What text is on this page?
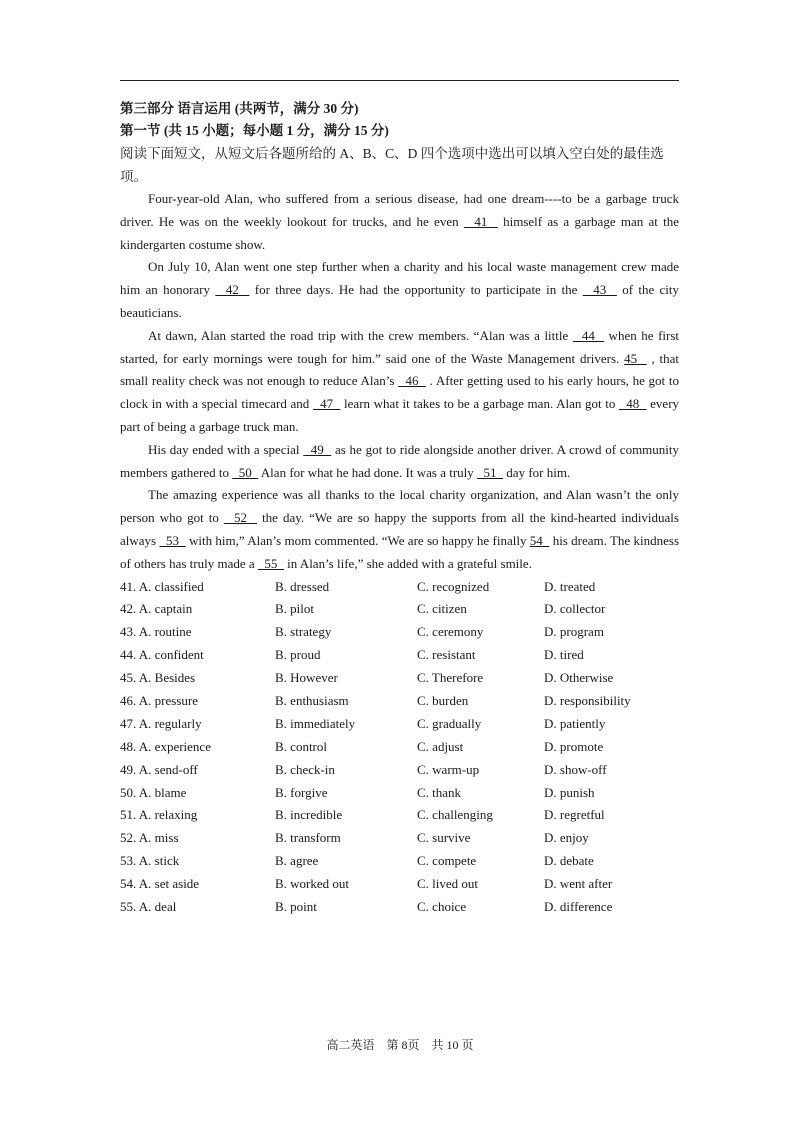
第三部分 语言运用 (共两节，满分 30 分)
第一节 (共 15 小题；每小题 1 分，满分 15 分)
阅读下面短文，从短文后各题所给的 A、B、C、D 四个选项中选出可以填入空白处的最佳选项。

Four-year-old Alan, who suffered from a serious disease, had one dream----to be a garbage truck driver. He was on the weekly lookout for trucks, and he even   41   himself as a garbage man at the kindergarten costume show.

On July 10, Alan went one step further when a charity and his local waste management crew made him an honorary   42   for three days. He had the opportunity to participate in the   43   of the city beauticians.

At dawn, Alan started the road trip with the crew members. “Alan was a little   44   when he first started, for early mornings were tough for him.” said one of the Waste Management drivers. 45   , that small reality check was not enough to reduce Alan’s   46   . After getting used to his early hours, he got to clock in with a special timecard and   47   learn what it takes to be a garbage man. Alan got to   48   every part of being a garbage truck man.

His day ended with a special   49   as he got to ride alongside another driver. A crowd of community members gathered to   50   Alan for what he had done. It was a truly   51   day for him.

The amazing experience was all thanks to the local charity organization, and Alan wasn’t the only person who got to   52   the day. “We are so happy the supports from all the kind-hearted individuals always   53   with him,” Alan’s mom commented. “We are so happy he finally 54   his dream. The kindness of others has truly made a   55   in Alan’s life,” she added with a grateful smile.

41. A. classified	B. dressed	C. recognized	D. treated
42. A. captain	B. pilot	C. citizen	D. collector
43. A. routine	B. strategy	C. ceremony	D. program
44. A. confident	B. proud	C. resistant	D. tired
45. A. Besides	B. However	C. Therefore	D. Otherwise
46. A. pressure	B. enthusiasm	C. burden	D. responsibility
47. A. regularly	B. immediately	C. gradually	D. patiently
48. A. experience	B. control	C. adjust	D. promote
49. A. send-off	B. check-in	C. warm-up	D. show-off
50. A. blame	B. forgive	C. thank	D. punish
51. A. relaxing	B. incredible	C. challenging	D. regretful
52. A. miss	B. transform	C. survive	D. enjoy
53. A. stick	B. agree	C. compete	D. debate
54. A. set aside	B. worked out	C. lived out	D. went after
55. A. deal	B. point	C. choice	D. difference
高二英语　第 8页　共 10 页
